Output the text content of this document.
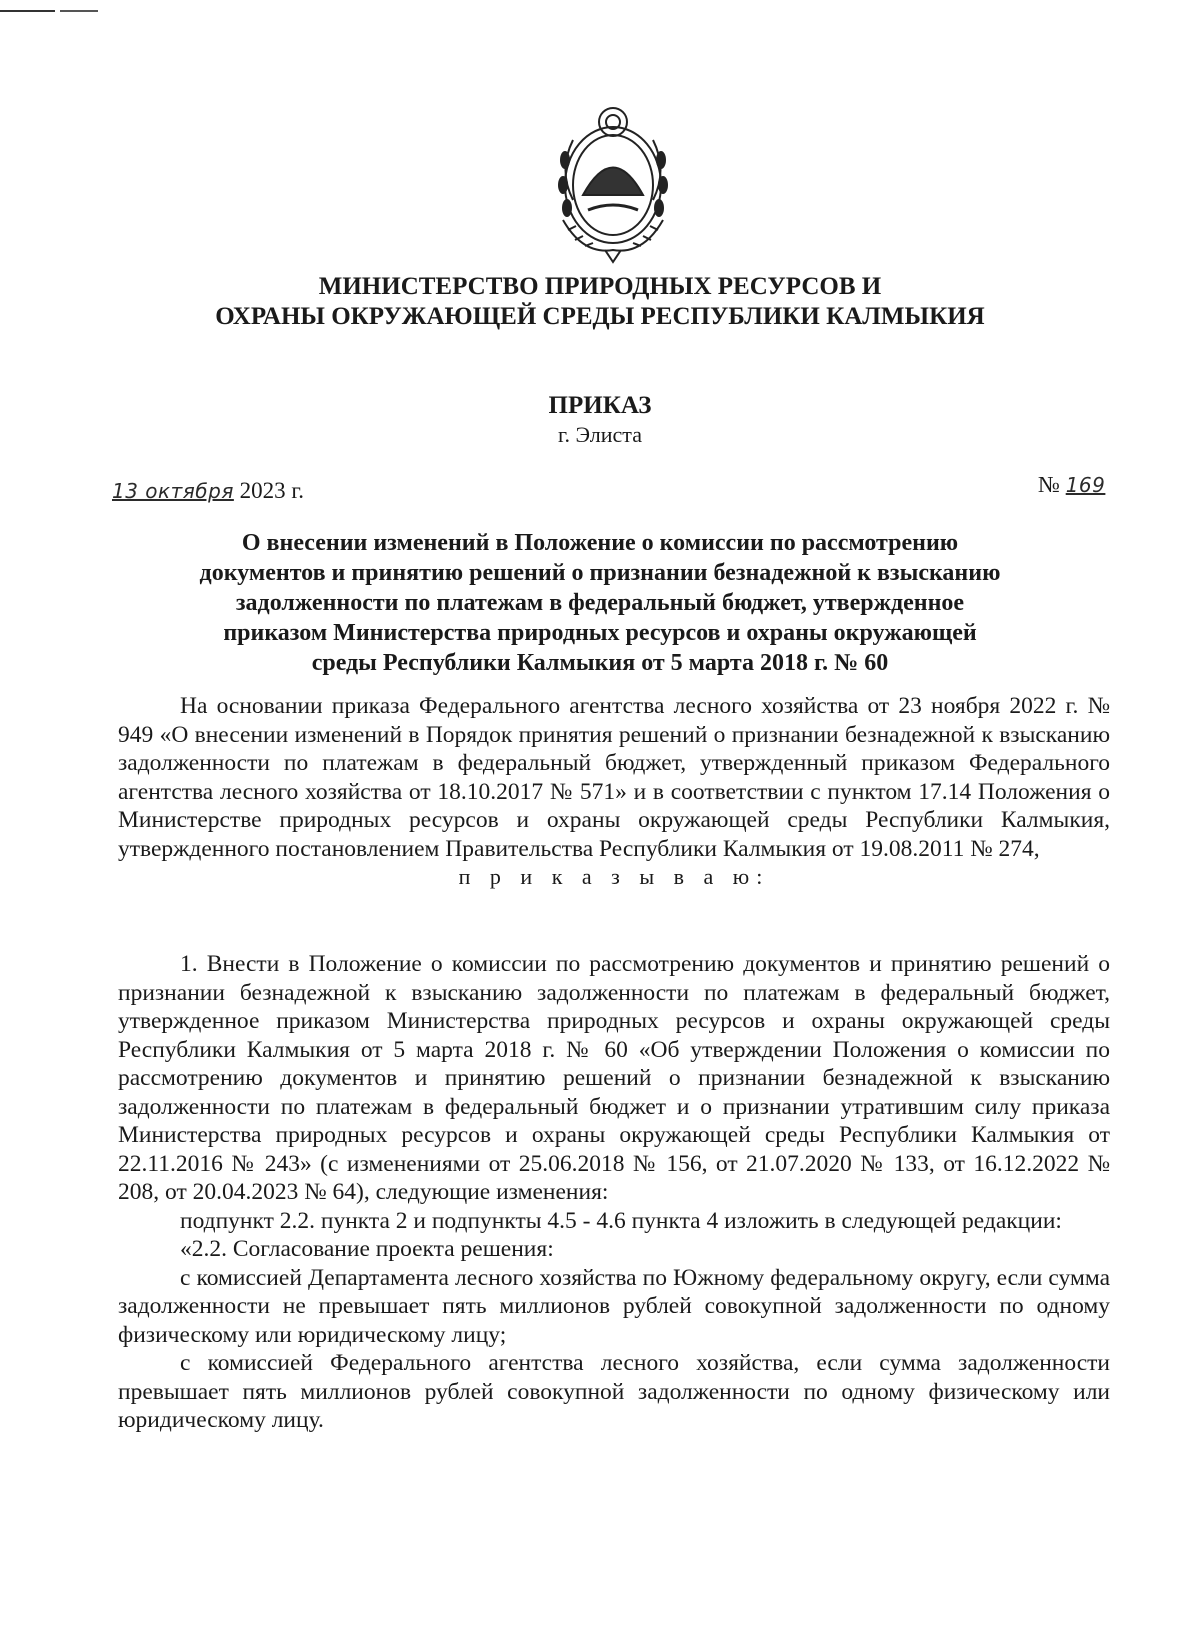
МИНИСТЕРСТВО ПРИРОДНЫХ РЕСУРСОВ И
ОХРАНЫ ОКРУЖАЮЩЕЙ СРЕДЫ РЕСПУБЛИКИ КАЛМЫКИЯ
ПРИКАЗ
г. Элиста
13 октября 2023 г.	№ 169
О внесении изменений в Положение о комиссии по рассмотрению
документов и принятию решений о признании безнадежной к взысканию
задолженности по платежам в федеральный бюджет, утвержденное
приказом Министерства природных ресурсов и охраны окружающей
среды Республики Калмыкия от 5 марта 2018 г. № 60

На основании приказа Федерального агентства лесного хозяйства от 23 ноября 2022 г. № 949 «О внесении изменений в Порядок принятия решений о признании безнадежной к взысканию задолженности по платежам в федеральный бюджет, утвержденный приказом Федерального агентства лесного хозяйства от 18.10.2017 № 571» и в соответствии с пунктом 17.14 Положения о Министерстве природных ресурсов и охраны окружающей среды Республики Калмыкия, утвержденного постановлением Правительства Республики Калмыкия от 19.08.2011 № 274,

п р и к а з ы в а ю:

1. Внести в Положение о комиссии по рассмотрению документов и принятию решений о признании безнадежной к взысканию задолженности по платежам в федеральный бюджет, утвержденное приказом Министерства природных ресурсов и охраны окружающей среды Республики Калмыкия от 5 марта 2018 г. № 60 «Об утверждении Положения о комиссии по рассмотрению документов и принятию решений о признании безнадежной к взысканию задолженности по платежам в федеральный бюджет и о признании утратившим силу приказа Министерства природных ресурсов и охраны окружающей среды Республики Калмыкия от 22.11.2016 № 243» (с изменениями от 25.06.2018 № 156, от 21.07.2020 № 133, от 16.12.2022 № 208, от 20.04.2023 № 64), следующие изменения:

подпункт 2.2. пункта 2 и подпункты 4.5 - 4.6 пункта 4 изложить в следующей редакции:

«2.2. Согласование проекта решения:

с комиссией Департамента лесного хозяйства по Южному федеральному округу, если сумма задолженности не превышает пять миллионов рублей совокупной задолженности по одному физическому или юридическому лицу;

с комиссией Федерального агентства лесного хозяйства, если сумма задолженности превышает пять миллионов рублей совокупной задолженности по одному физическому или юридическому лицу.
